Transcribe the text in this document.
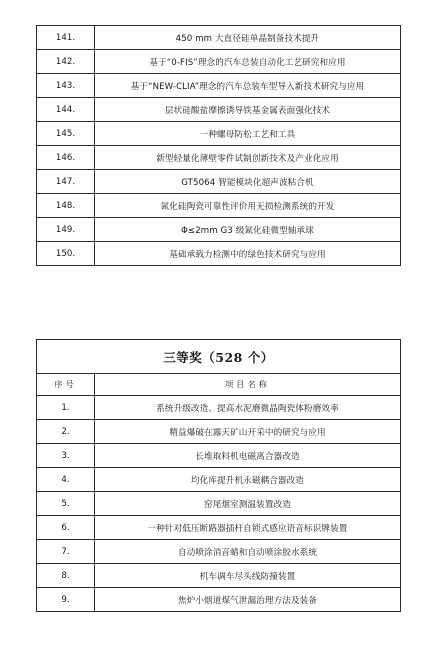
141.	450 mm 大直径硅单晶制备技术提升
142.	基于“0-FIS”理念的汽车总装自动化工艺研究和应用
143.	基于“NEW-CLIA”理念的汽车总装车型导入新技术研究与应用
144.	层状硅酸盐摩擦诱导铁基金属表面强化技术
145.	一种螺母防松工艺和工具
146.	新型轻量化薄壁零件试制创新技术及产业化应用
147.	GT5064 智能模块化超声波粘合机
148.	氮化硅陶瓷可靠性评价用无损检测系统的开发
149.	Φ≤2mm G3 级氮化硅微型轴承球
150.	基础承载力检测中的绿色技术研究与应用
三等奖（528 个）	
序号	项目名称
1.	系统升级改造、提高水泥磨微晶陶瓷体粉磨效率
2.	精益爆破在露天矿山开采中的研究与应用
3.	长堆取料机电磁离合器改造
4.	均化库提升机永磁耦合器改造
5.	窑尾烟室测温装置改造
6.	一种针对低压断路器插杆自锁式感应语音标识牌装置
7.	自动喷涂消音蜡和自动喷涂胶水系统
8.	机车调车尽头线防撞装置
9.	焦炉小烟道煤气泄漏治理方法及装备
